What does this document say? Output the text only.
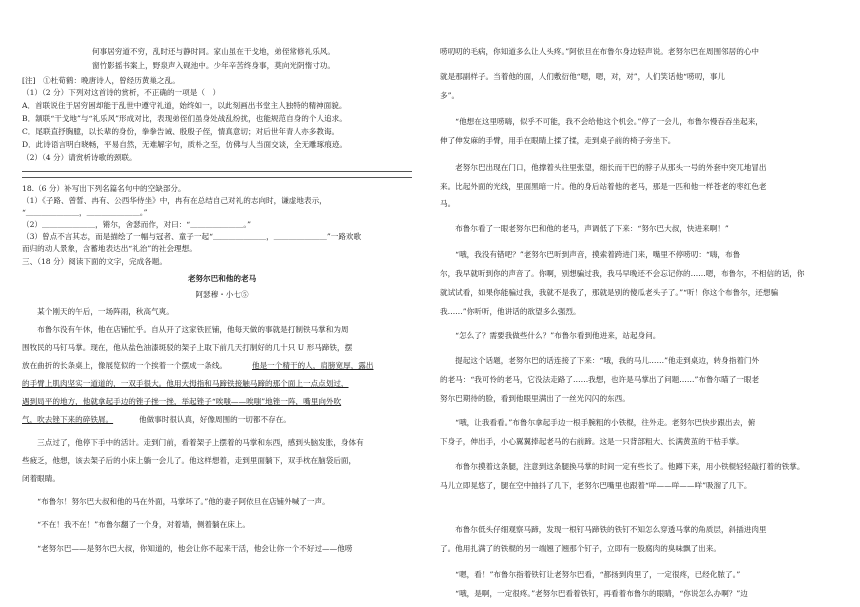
何事居穷道不穷，乱时还与静时同。家山虽在干戈地，弟侄常修礼乐风。
窗竹影摇书案上，野泉声入砚池中。少年辛苦终身事，莫向光阴惰寸功。
[注]　①杜荀鹤：晚唐诗人，曾经历黄巢之乱。
（1）（2 分）下列对这首诗的赏析，不正确的一项是（　）
A．首联说住于居穷困却能于乱世中遵守礼道，始终如一，以此刻画出书堂主人独特的精神面貌。
B．颔联“干戈地”与“礼乐风”形成对比，表现弟侄们虽身处战乱纷扰，也能规范自身的个人追求。
C．尾联直抒胸臆，以长辈的身份，拳拳告诫、殷殷子侄，情真意切；对后世年青人亦多教诲。
D．此诗语言明白晓畅，平易自然，无难解字句，质朴之至，仿佛与人当面交谈，全无雕琢痕迹。
（2）（4 分）请赏析诗歌的颈联。
18.（6 分）补写出下列名篇名句中的空缺部分。
（1）《子路、曾皙、冉有、公西华侍坐》中，冉有在总结自己对礼的志向时，谦虚地表示，
“＿＿＿＿＿＿＿，＿＿＿＿＿＿＿。”
（2）＿＿＿＿＿＿＿，锵尔，舍瑟而作，对曰：“＿＿＿＿＿＿＿。”
（3）曾点不言其志，而是描绘了一幅与冠者、童子一起“＿＿＿＿＿＿＿，＿＿＿＿＿＿＿”一路欢歌
而归的动人景象，含蓄地表达出“礼治”的社会理想。
三、（18 分）阅读下面的文字，完成各题。
老努尔巴和他的老马
阿瑟穆・小七⑤
　　某个刚天的午后，一场阵雨，秋高气爽。
　　布鲁尔没有午休，他在店铺忙乎。自从开了这家铁匠铺，他每天做的事就是打制铁马掌和为周
围牧民的马钉马掌。现在，他从盐色油漆斑驳的架子上取下前几天打制好的几十只 U 形马蹄铁，摆
放在曲折的长条桌上，像展览似的一个挨着一个摆成一条线。	他是一个精干的人，肩膀宽厚，露出
的手臂上肌肉坚实一道道的，一双手很大。他用大拇指和马蹄铁接触马蹄的那个面上一点点划过，
遇到局平的地方，他就拿起手边的锉子挫一挫，举起锉子“唉嗤——唉嗤”地锉一阵，嘴里向外吹
气，吹去锉下来的碎铁屑。	他做事时很认真，好像周围的一切都不存在。
　　三点过了，他停下手中的活计。走到门前，看着架子上摆着的马掌和东西，感到头脑发胀，身体有
些疲乏，他想，该去架子后的小床上躺一会儿了。他这样想着，走到里面躺下，双手枕在脑袋后面，
闭着眼睛。
　　“布鲁尔！努尔巴大叔和他的马在外面，马掌坏了。”他的妻子阿依旦在店铺外喊了一声。
　　“不在！我不在！”布鲁尔翻了一个身，对着墙，侧着躺在床上。
　　“老努尔巴——是努尔巴大叔，你知道的，他会让你不起来干活，他会让你一个不好过——他唠
唠叨叨的毛病，你知道多么让人头疼。”阿依旦在布鲁尔身边轻声说。老努尔巴在周围邻居的心中
就是那副样子。当着他的面，人们敷衍他“嗯，嗯，对，对”，人们笑话他“唠叨，事儿
多”。
　　“他想在这里唠嗨，似乎不可能，我不会给他这个机会。”停了一会儿，布鲁尔慢吞吞坐起来，
伸了伸发麻的手臂，用手在眼睛上揉了揉，走到桌子前的椅子旁坐下。
　　老努尔巴出现在门口，他撑着头往里张望，细长而干巴的脖子从那头一号的外套中突兀地冒出
来。比起外面的光线，里面黑暗一片。他的身后站着他的老马，那是一匹和他一样苍老的枣红色老
马。
　　布鲁尔看了一眼老努尔巴和他的老马，声调低了下来：“努尔巴大叔，快进来啊！”
　　“哦，我没有错吧？”老努尔巴听到声音，摸索着跨进门来，嘴里不停唠叨：“嗨，布鲁
尔，我早就听到你的声音了。你啊，别想骗过我，我马早晚还不会忘记你的……嗯，布鲁尔，不相信的话，你
就试试看，如果你能骗过我，我就不是我了，那就是别的傻瓜老头子了。”“听！你这个布鲁尔，还想骗
我……”你听听，他讲话的欲望多么强烈。
　　“怎么了？需要我做些什么？”布鲁尔看到他进来，站起身问。
　　提起这个话题，老努尔巴的话连接了下来：“哦，我的马儿……”他走到桌边，转身指着门外
的老马：“我可怜的老马，它没法走路了……我想，也许是马掌出了问题……”布鲁尔瞄了一眼老
努尔巴期待的脸，看到他眼里满出了一丝光闪闪的东西。
　　“哦，让我看看。”布鲁尔拿起手边一根手腕粗的小铁棍，往外走。老努尔巴快步跟出去，俯
下身子，伸出手，小心翼翼捧起老马的右前蹄。这是一只背部粗大、长满黄茧的干枯手掌。
　　布鲁尔摸着这条腿，注意到这条腿换马掌的时间一定有些长了。他蹲下来，用小铁棍轻轻敲打着的铁掌。
马儿立即晃悠了，腿在空中抽抖了几下，老努尔巴嘴里也跟着“咩——咩——咩”吸溜了几下。
　　布鲁尔低头仔细观察马蹄，发现一根钉马蹄铁的铁钉不知怎么穿透马掌的角质层，斜插进肉里
了。他用扎满了的铁棍的另一端翘了翘那个钉子，立即有一股腐肉的臭味飘了出来。
　　“嗯，看！”布鲁尔指着铁钉让老努尔巴看，“都扬到肉里了，一定很疼，已经化脓了。”
　　“哦，是啊，一定很疼。”老努尔巴看着铁钉，再看着布鲁尔的眼睛，“你说怎么办啊？”边
